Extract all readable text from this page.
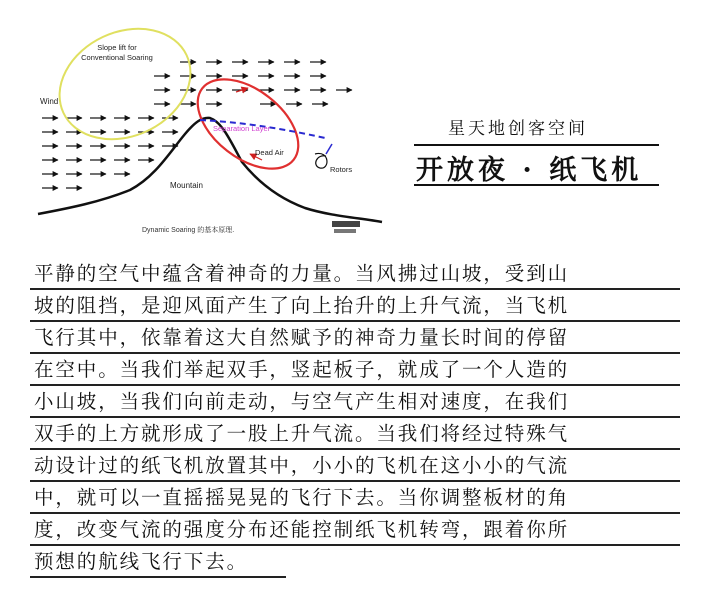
Slope lift for
Conventional Soaring
Wind
Separation Layer
Dead Air
Rotors
Mountain
Dynamic Soaring 的基本原理.
星天地创客空间
开放夜 · 纸飞机
平静的空气中蕴含着神奇的力量。当风拂过山坡，受到山
坡的阻挡，是迎风面产生了向上抬升的上升气流，当飞机
飞行其中，依靠着这大自然赋予的神奇力量长时间的停留
在空中。当我们举起双手，竖起板子，就成了一个人造的
小山坡，当我们向前走动，与空气产生相对速度，在我们
双手的上方就形成了一股上升气流。当我们将经过特殊气
动设计过的纸飞机放置其中，小小的飞机在这小小的气流
中，就可以一直摇摇晃晃的飞行下去。当你调整板材的角
度，改变气流的强度分布还能控制纸飞机转弯，跟着你所
预想的航线飞行下去。
